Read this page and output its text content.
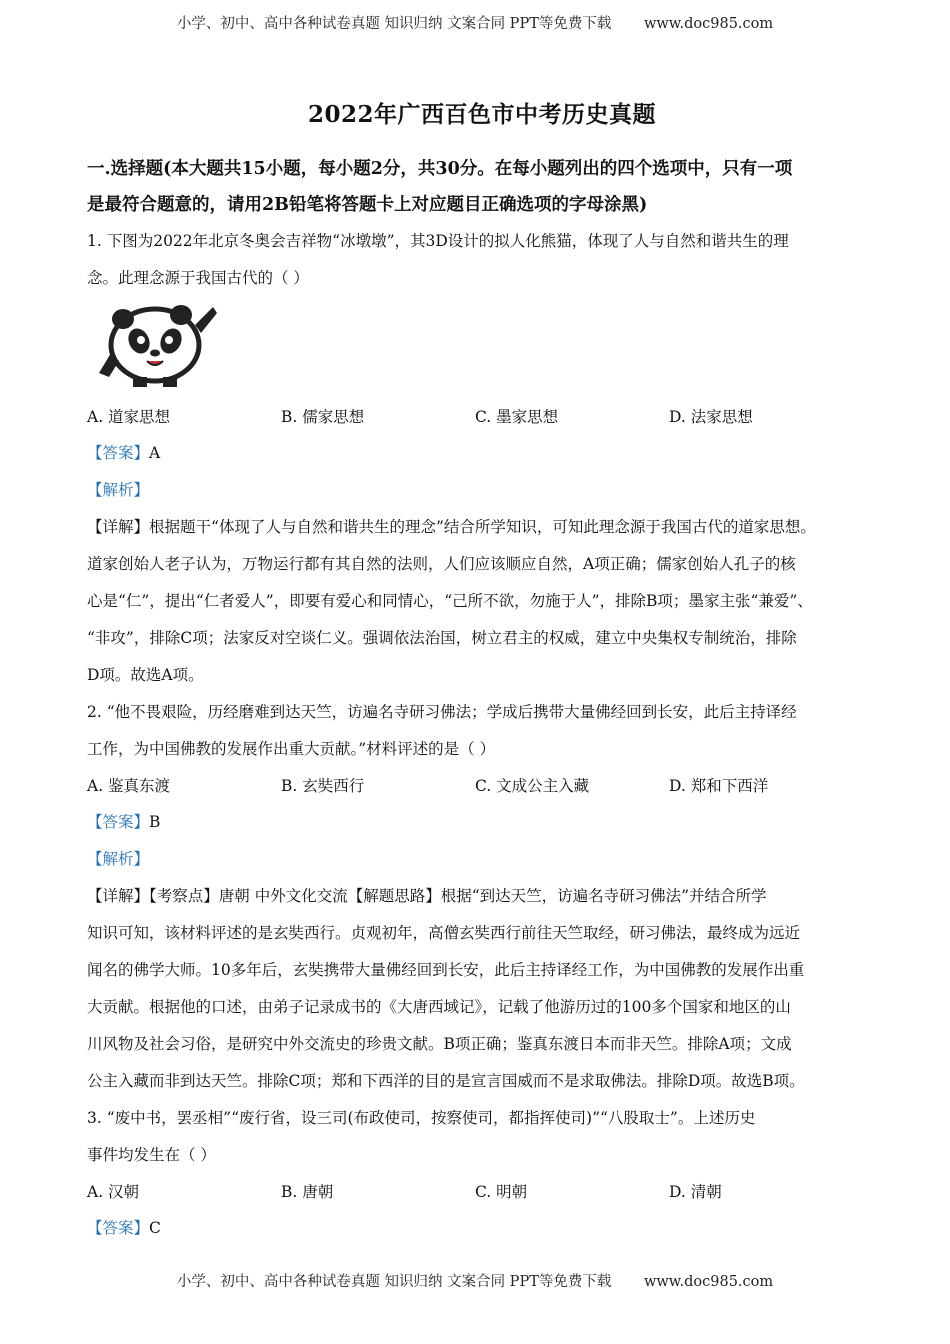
小学、初中、高中各种试卷真题 知识归纳 文案合同 PPT等免费下载 www.doc985.com
2022年广西百色市中考历史真题
一.选择题(本大题共15小题，每小题2分，共30分。在每小题列出的四个选项中，只有一项
是最符合题意的，请用2B铅笔将答题卡上对应题目正确选项的字母涂黑)

1. 下图为2022年北京冬奥会吉祥物“冰墩墩”，其3D设计的拟人化熊猫，体现了人与自然和谐共生的理

念。此理念源于我国古代的（ ）

A. 道家思想	B. 儒家思想	C. 墨家思想	D. 法家思想

【答案】A

【解析】

【详解】根据题干“体现了人与自然和谐共生的理念”结合所学知识，可知此理念源于我国古代的道家思想。

道家创始人老子认为，万物运行都有其自然的法则，人们应该顺应自然，A项正确；儒家创始人孔子的核

心是“仁”，提出“仁者爱人”，即要有爱心和同情心，“己所不欲，勿施于人”，排除B项；墨家主张“兼爱”、

“非攻”，排除C项；法家反对空谈仁义。强调依法治国，树立君主的权威，建立中央集权专制统治，排除

D项。故选A项。

2. “他不畏艰险，历经磨难到达天竺，访遍名寺研习佛法；学成后携带大量佛经回到长安，此后主持译经

工作，为中国佛教的发展作出重大贡献。”材料评述的是（ ）

A. 鉴真东渡	B. 玄奘西行	C. 文成公主入藏	D. 郑和下西洋

【答案】B

【解析】

【详解】【考察点】唐朝 中外文化交流【解题思路】根据“到达天竺，访遍名寺研习佛法”并结合所学

知识可知，该材料评述的是玄奘西行。贞观初年，高僧玄奘西行前往天竺取经，研习佛法，最终成为远近

闻名的佛学大师。10多年后，玄奘携带大量佛经回到长安，此后主持译经工作，为中国佛教的发展作出重

大贡献。根据他的口述，由弟子记录成书的《大唐西域记》，记载了他游历过的100多个国家和地区的山

川风物及社会习俗，是研究中外交流史的珍贵文献。B项正确；鉴真东渡日本而非天竺。排除A项；文成

公主入藏而非到达天竺。排除C项；郑和下西洋的目的是宣言国威而不是求取佛法。排除D项。故选B项。

3. “废中书，罢丞相”“废行省，设三司(布政使司，按察使司，都指挥使司)”“八股取士”。上述历史

事件均发生在（ ）

A. 汉朝	B. 唐朝	C. 明朝	D. 清朝

【答案】C

小学、初中、高中各种试卷真题 知识归纳 文案合同 PPT等免费下载 www.doc985.com
